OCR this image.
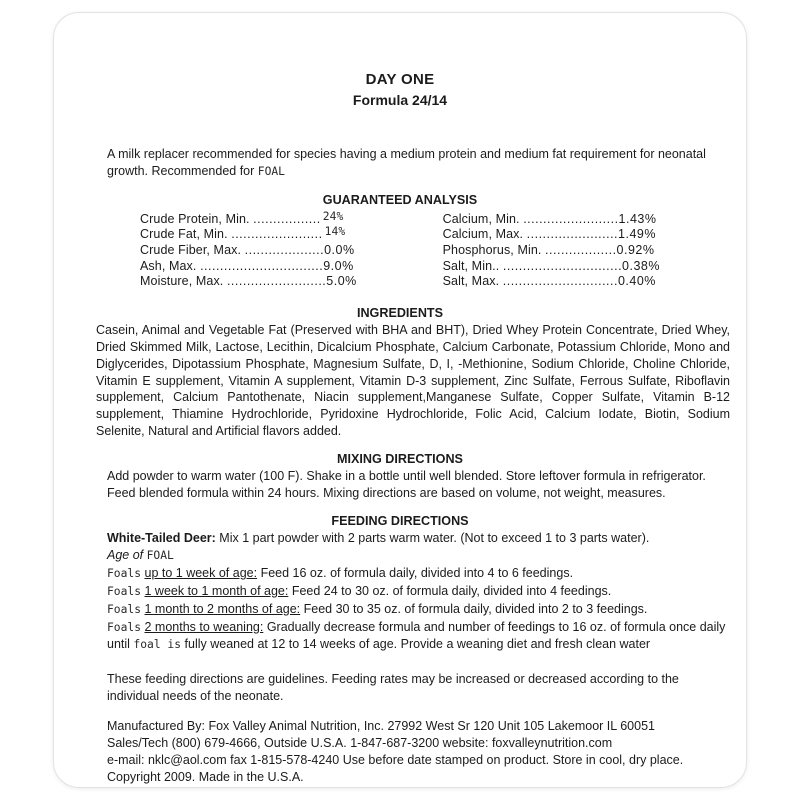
DAY ONE
Formula 24/14

A milk replacer recommended for species having a medium protein and medium fat requirement for neonatal growth. Recommended for FOAL

GUARANTEED ANALYSIS
Crude Protein, Min. ................. 24%
Crude Fat, Min. ....................... 14%
Crude Fiber, Max. ....................0.0%
Ash, Max. ...............................9.0%
Moisture, Max. .........................5.0%
Calcium, Min. ........................1.43%
Calcium, Max. .......................1.49%
Phosphorus, Min. ..................0.92%
Salt, Min.. ..............................0.38%
Salt, Max. .............................0.40%
INGREDIENTS

Casein, Animal and Vegetable Fat (Preserved with BHA and BHT), Dried Whey Protein Concentrate, Dried Whey, Dried Skimmed Milk, Lactose, Lecithin, Dicalcium Phosphate, Calcium Carbonate, Potassium Chloride, Mono and Diglycerides, Dipotassium Phosphate, Magnesium Sulfate, D, I, -Methionine, Sodium Chloride, Choline Chloride, Vitamin E supplement, Vitamin A supplement, Vitamin D-3 supplement, Zinc Sulfate, Ferrous Sulfate, Riboflavin supplement, Calcium Pantothenate, Niacin supplement,Manganese Sulfate, Copper Sulfate, Vitamin B-12 supplement, Thiamine Hydrochloride, Pyridoxine Hydrochloride, Folic Acid, Calcium Iodate, Biotin, Sodium Selenite, Natural and Artificial flavors added.

MIXING DIRECTIONS

Add powder to warm water (100 F). Shake in a bottle until well blended. Store leftover formula in refrigerator. Feed blended formula within 24 hours. Mixing directions are based on volume, not weight, measures.

FEEDING DIRECTIONS
White-Tailed Deer: Mix 1 part powder with 2 parts warm water. (Not to exceed 1 to 3 parts water).
Age of FOAL
Foals up to 1 week of age: Feed 16 oz. of formula daily, divided into 4 to 6 feedings.
Foals 1 week to 1 month of age: Feed 24 to 30 oz. of formula daily, divided into 4 feedings.
Foals 1 month to 2 months of age: Feed 30 to 35 oz. of formula daily, divided into 2 to 3 feedings.
Foals 2 months to weaning: Gradually decrease formula and number of feedings to 16 oz. of formula once daily until foal is fully weaned at 12 to 14 weeks of age. Provide a weaning diet and fresh clean water

These feeding directions are guidelines. Feeding rates may be increased or decreased according to the individual needs of the neonate.

Manufactured By: Fox Valley Animal Nutrition, Inc. 27992 West Sr 120 Unit 105 Lakemoor IL 60051
Sales/Tech (800) 679-4666, Outside U.S.A. 1-847-687-3200 website: foxvalleynutrition.com
e-mail: nklc@aol.com fax 1-815-578-4240 Use before date stamped on product. Store in cool, dry place.
Copyright 2009. Made in the U.S.A.
